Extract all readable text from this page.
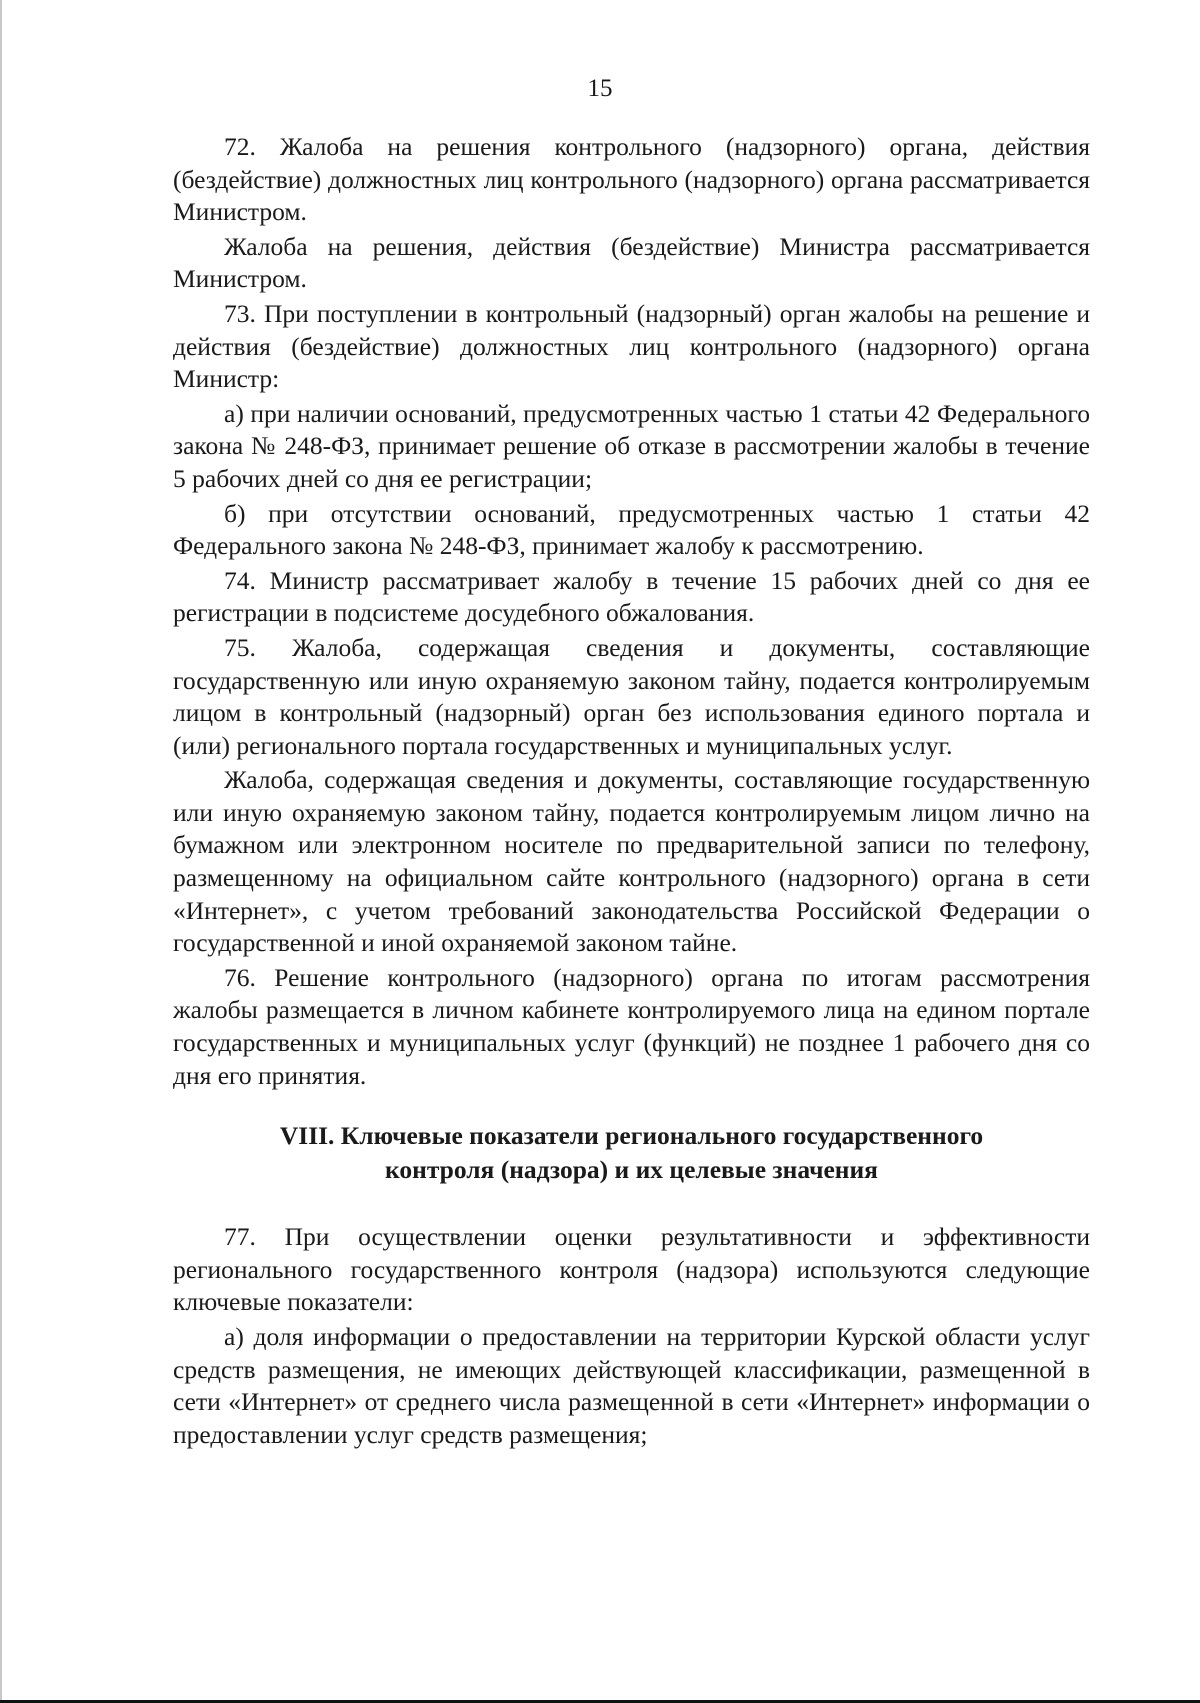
15

72. Жалоба на решения контрольного (надзорного) органа, действия (бездействие) должностных лиц контрольного (надзорного) органа рассматривается Министром.

Жалоба на решения, действия (бездействие) Министра рассматривается Министром.

73. При поступлении в контрольный (надзорный) орган жалобы на решение и действия (бездействие) должностных лиц контрольного (надзорного) органа Министр:

а) при наличии оснований, предусмотренных частью 1 статьи 42 Федерального закона № 248-ФЗ, принимает решение об отказе в рассмотрении жалобы в течение 5 рабочих дней со дня ее регистрации;

б) при отсутствии оснований, предусмотренных частью 1 статьи 42 Федерального закона № 248-ФЗ, принимает жалобу к рассмотрению.

74. Министр рассматривает жалобу в течение 15 рабочих дней со дня ее регистрации в подсистеме досудебного обжалования.

75. Жалоба, содержащая сведения и документы, составляющие государственную или иную охраняемую законом тайну, подается контролируемым лицом в контрольный (надзорный) орган без использования единого портала и (или) регионального портала государственных и муниципальных услуг.

Жалоба, содержащая сведения и документы, составляющие государственную или иную охраняемую законом тайну, подается контролируемым лицом лично на бумажном или электронном носителе по предварительной записи по телефону, размещенному на официальном сайте контрольного (надзорного) органа в сети «Интернет», с учетом требований законодательства Российской Федерации о государственной и иной охраняемой законом тайне.

76. Решение контрольного (надзорного) органа по итогам рассмотрения жалобы размещается в личном кабинете контролируемого лица на едином портале государственных и муниципальных услуг (функций) не позднее 1 рабочего дня со дня его принятия.

VIII. Ключевые показатели регионального государственного
контроля (надзора) и их целевые значения

77. При осуществлении оценки результативности и эффективности регионального государственного контроля (надзора) используются следующие ключевые показатели:

а) доля информации о предоставлении на территории Курской области услуг средств размещения, не имеющих действующей классификации, размещенной в сети «Интернет» от среднего числа размещенной в сети «Интернет» информации о предоставлении услуг средств размещения;
